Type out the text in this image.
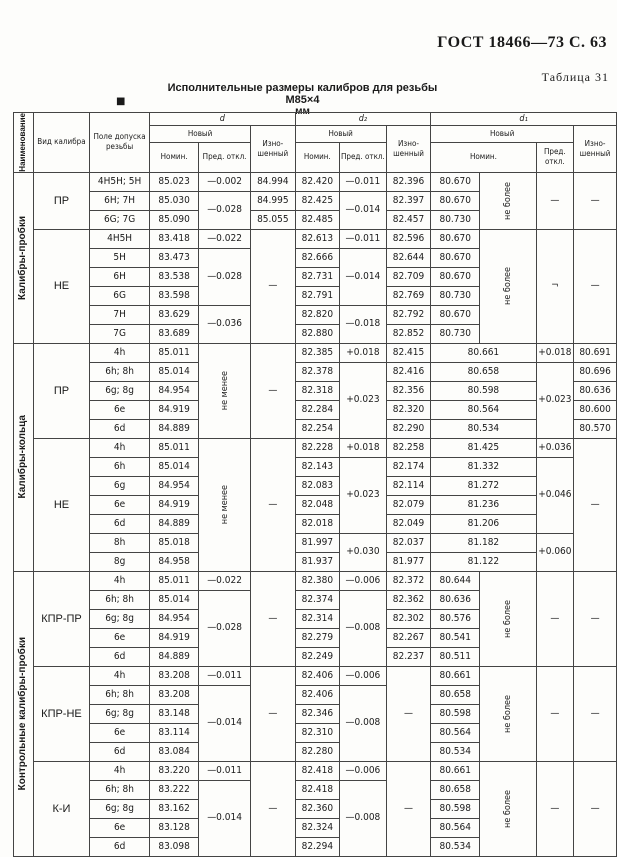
ГОСТ 18466—73 С. 63
Таблица 31
Исполнительные размеры калибров для резьбы М85×4
мм
■
Наименование	Вид калибра	Поле допуска резьбы	d			d₂			d₁			
			Новый		Изно-шенный	Новый		Изно-шенный	Новый			Изно-шенный
			Номин.	Пред. откл.		Номин.	Пред. откл.		Номин.		Пред. откл.	

Калибры-пробки	ПР	4H5H; 5H	85.023	—0.002	84.994	82.420	—0.011	82.396	80.670	не более	—	—
		6H; 7H	85.030	—0.028	84.995	82.425	—0.014	82.397	80.670			
		6G; 7G	85.090		85.055	82.485		82.457	80.730			
	НЕ	4H5H	83.418	—0.022	—	82.613	—0.011	82.596	80.670	не более	¬	—
		5H	83.473	—0.028		82.666	—0.014	82.644	80.670			
		6H	83.538			82.731		82.709	80.670			
		6G	83.598			82.791		82.769	80.730			
		7H	83.629	—0.036		82.820	—0.018	82.792	80.670			
		7G	83.689			82.880		82.852	80.730			

Калибры-кольца	ПР	4h	85.011	не менее	—	82.385	+0.018	82.415	80.661		+0.018	80.691
		6h; 8h	85.014			82.378	+0.023	82.416	80.658		+0.023	80.696
		6g; 8g	84.954			82.318		82.356	80.598			80.636
		6e	84.919			82.284		82.320	80.564			80.600
		6d	84.889			82.254		82.290	80.534			80.570
	НЕ	4h	85.011	не менее	—	82.228	+0.018	82.258	81.425		+0.036	—
		6h	85.014			82.143	+0.023	82.174	81.332		+0.046	
		6g	84.954			82.083		82.114	81.272			
		6e	84.919			82.048		82.079	81.236			
		6d	84.889			82.018		82.049	81.206			
		8h	85.018			81.997	+0.030	82.037	81.182		+0.060	
		8g	84.958			81.937		81.977	81.122			

Контрольные калибры-пробки	КПР-ПР	4h	85.011	—0.022	—	82.380	—0.006	82.372	80.644	не более	—	—
		6h; 8h	85.014	—0.028		82.374	—0.008	82.362	80.636			
		6g; 8g	84.954			82.314		82.302	80.576			
		6e	84.919			82.279		82.267	80.541			
		6d	84.889			82.249		82.237	80.511			
	КПР-НЕ	4h	83.208	—0.011	—	82.406	—0.006	—	80.661	не более	—	—
		6h; 8h	83.208	—0.014		82.406	—0.008		80.658			
		6g; 8g	83.148			82.346			80.598			
		6e	83.114			82.310			80.564			
		6d	83.084			82.280			80.534			
	К-И	4h	83.220	—0.011	—	82.418	—0.006	—	80.661	не более	—	—
		6h; 8h	83.222	—0.014		82.418	—0.008		80.658			
		6g; 8g	83.162			82.360			80.598			
		6e	83.128			82.324			80.564			
		6d	83.098			82.294			80.534			
